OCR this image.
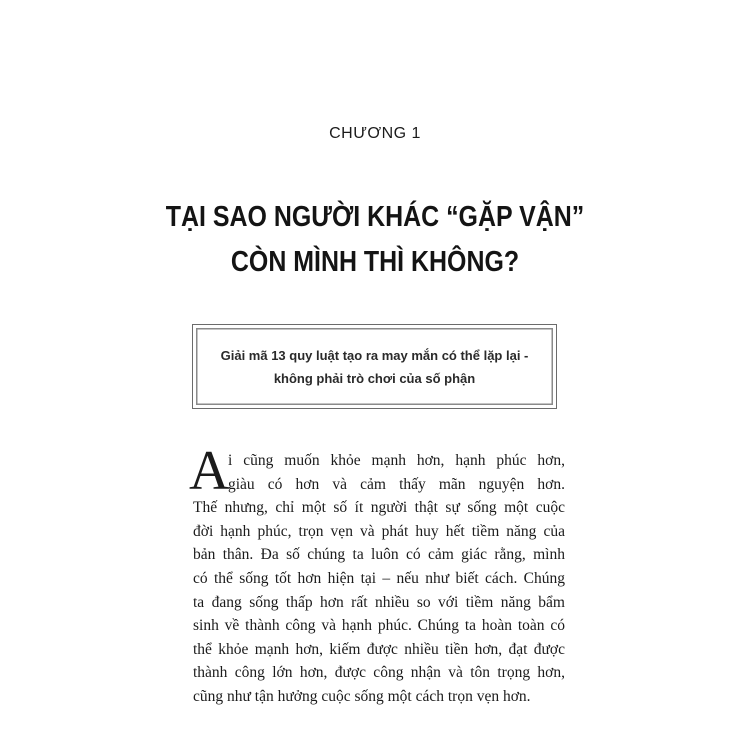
CHƯƠNG 1
TẠI SAO NGƯỜI KHÁC “GẶP VẬN”
CÒN MÌNH THÌ KHÔNG?
Giải mã 13 quy luật tạo ra may mắn có thể lặp lại -
không phải trò chơi của số phận
A
i cũng muốn khỏe mạnh hơn, hạnh phúc hơn,
giàu có hơn và cảm thấy mãn nguyện hơn.
Thế nhưng, chỉ một số ít người thật sự sống một cuộc
đời hạnh phúc, trọn vẹn và phát huy hết tiềm năng của
bản thân. Đa số chúng ta luôn có cảm giác rằng, mình
có thể sống tốt hơn hiện tại – nếu như biết cách. Chúng
ta đang sống thấp hơn rất nhiều so với tiềm năng bẩm
sinh về thành công và hạnh phúc. Chúng ta hoàn toàn có
thể khỏe mạnh hơn, kiếm được nhiều tiền hơn, đạt được
thành công lớn hơn, được công nhận và tôn trọng hơn,
cũng như tận hưởng cuộc sống một cách trọn vẹn hơn.
